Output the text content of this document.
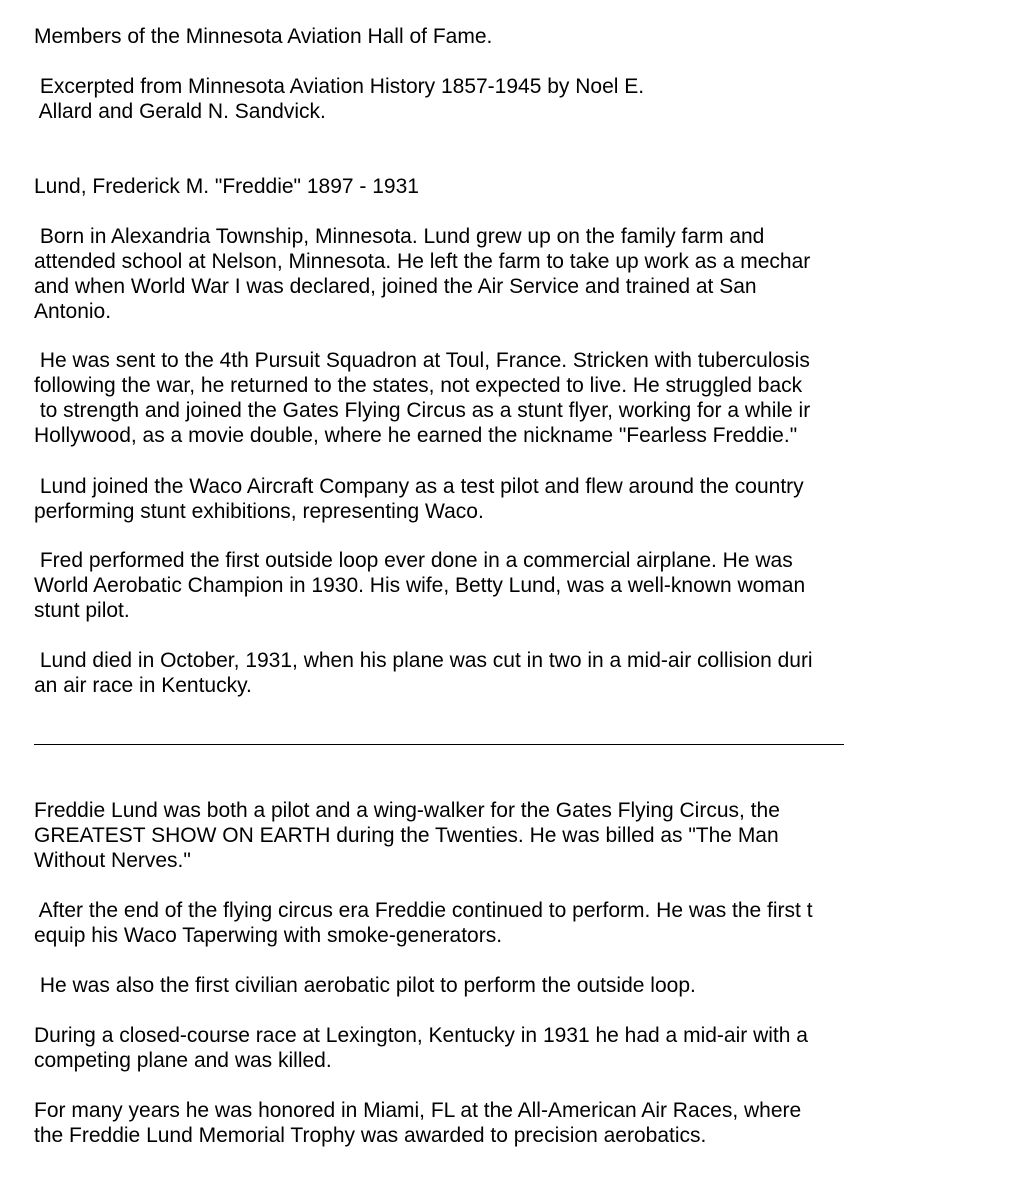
Members of the Minnesota Aviation Hall of Fame.
Excerpted from Minnesota Aviation History 1857-1945 by Noel E.
Allard and Gerald N. Sandvick.
Lund, Frederick M. "Freddie" 1897 - 1931
Born in Alexandria Township, Minnesota. Lund grew up on the family farm and
attended school at Nelson, Minnesota. He left the farm to take up work as a mechar
and when World War I was declared, joined the Air Service and trained at San
Antonio.
He was sent to the 4th Pursuit Squadron at Toul, France. Stricken with tuberculosis
following the war, he returned to the states, not expected to live. He struggled back
to strength and joined the Gates Flying Circus as a stunt flyer, working for a while ir
Hollywood, as a movie double, where he earned the nickname "Fearless Freddie."
Lund joined the Waco Aircraft Company as a test pilot and flew around the country
performing stunt exhibitions, representing Waco.
Fred performed the first outside loop ever done in a commercial airplane. He was
World Aerobatic Champion in 1930. His wife, Betty Lund, was a well-known woman
stunt pilot.
Lund died in October, 1931, when his plane was cut in two in a mid-air collision duri
an air race in Kentucky.
Freddie Lund was both a pilot and a wing-walker for the Gates Flying Circus, the
GREATEST SHOW ON EARTH during the Twenties. He was billed as "The Man
Without Nerves."
After the end of the flying circus era Freddie continued to perform. He was the first t
equip his Waco Taperwing with smoke-generators.
He was also the first civilian aerobatic pilot to perform the outside loop.
During a closed-course race at Lexington, Kentucky in 1931 he had a mid-air with a
competing plane and was killed.
For many years he was honored in Miami, FL at the All-American Air Races, where
the Freddie Lund Memorial Trophy was awarded to precision aerobatics.
